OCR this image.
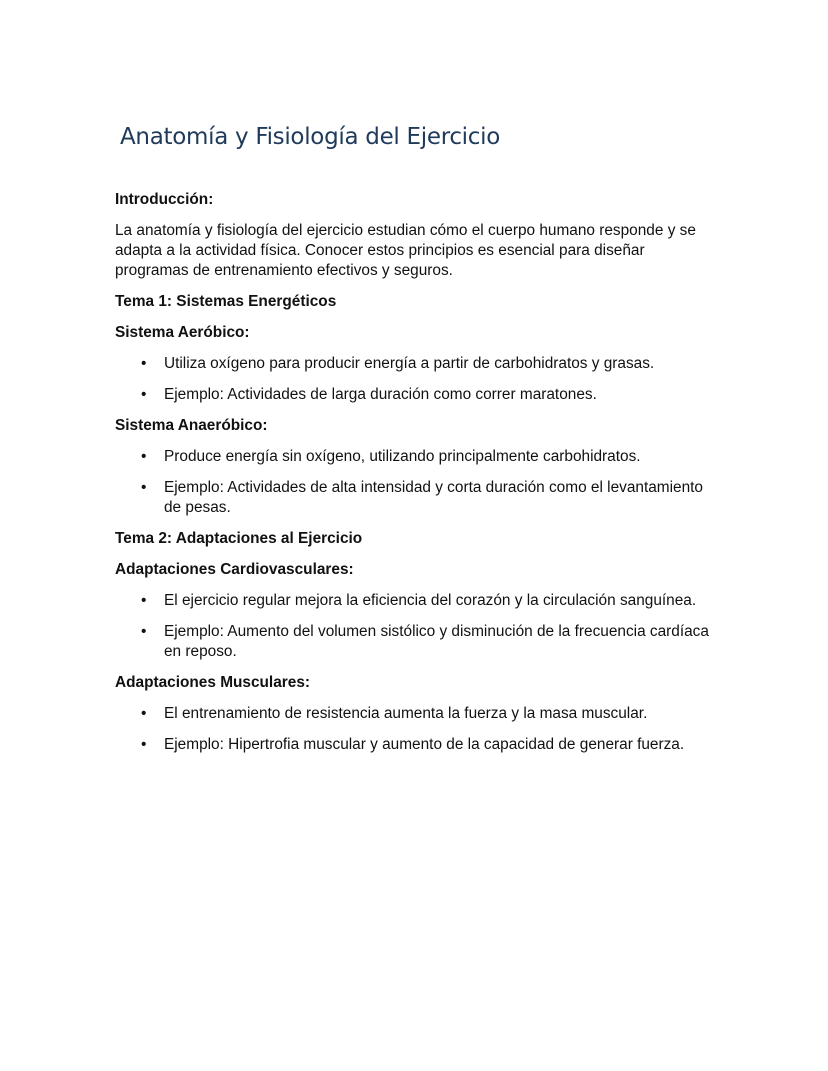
Anatomía y Fisiología del Ejercicio

Introducción:

La anatomía y fisiología del ejercicio estudian cómo el cuerpo humano responde y se adapta a la actividad física. Conocer estos principios es esencial para diseñar programas de entrenamiento efectivos y seguros.

Tema 1: Sistemas Energéticos

Sistema Aeróbico:

• Utiliza oxígeno para producir energía a partir de carbohidratos y grasas.
• Ejemplo: Actividades de larga duración como correr maratones.

Sistema Anaeróbico:

• Produce energía sin oxígeno, utilizando principalmente carbohidratos.
• Ejemplo: Actividades de alta intensidad y corta duración como el levantamiento de pesas.

Tema 2: Adaptaciones al Ejercicio

Adaptaciones Cardiovasculares:

• El ejercicio regular mejora la eficiencia del corazón y la circulación sanguínea.
• Ejemplo: Aumento del volumen sistólico y disminución de la frecuencia cardíaca en reposo.

Adaptaciones Musculares:

• El entrenamiento de resistencia aumenta la fuerza y la masa muscular.
• Ejemplo: Hipertrofia muscular y aumento de la capacidad de generar fuerza.
